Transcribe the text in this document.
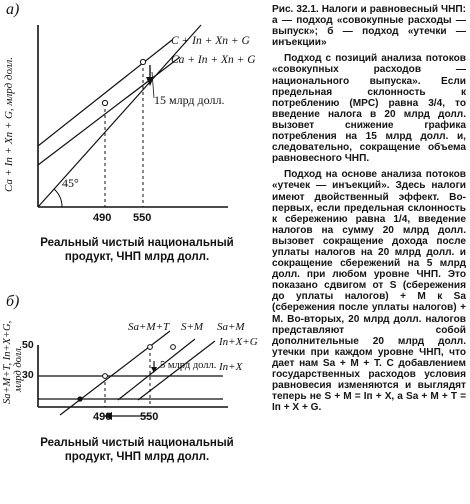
а)
Cа + Iп + Xп + G, млрд долл.
C + Iп + Xп + G
Cа + Iп + Xп + G
45°
15 млрд долл.
490 550
Реальный чистый национальный продукт, ЧНП млрд долл.
б)
Sа+M+T, Iп+X+G, млрд долл.
50
30
Sа+M+T S+M Sа+M
Iп+X+G
Iп+X
5 млрд долл.
490	550
Реальный чистый национальный продукт, ЧНП млрд долл.

Рис. 32.1. Налоги и равновесный ЧНП: а — подход «совокупные расходы — выпуск»; б — подход «утечки — инъекции»

Подход с позиций анализа потоков «совокупных расходов — национального выпуска». Если предельная склонность к потреблению (MPC) равна 3/4, то введение налога в 20 млрд долл. вызовет снижение графика потребления на 15 млрд долл. и, следовательно, сокращение объема равновесного ЧНП.

Подход на основе анализа потоков «утечек — инъекций». Здесь налоги имеют двойственный эффект. Во-первых, если предельная склонность к сбережению равна 1/4, введение налогов на сумму 20 млрд долл. вызовет сокращение дохода после уплаты налогов на 20 млрд долл. и сокращение сбережений на 5 млрд долл. при любом уровне ЧНП. Это показано сдвигом от S (сбережения до уплаты налогов) + M к Sа (сбережения после уплаты налогов) + M. Во-вторых, 20 млрд долл. налогов представляют собой дополнительные 20 млрд долл. утечки при каждом уровне ЧНП, что дает нам Sа + M + T. С добавлением государственных расходов условия равновесия изменяются и выглядят теперь не S + M = Iп + X, а Sа + M + T = Iп + X + G.
